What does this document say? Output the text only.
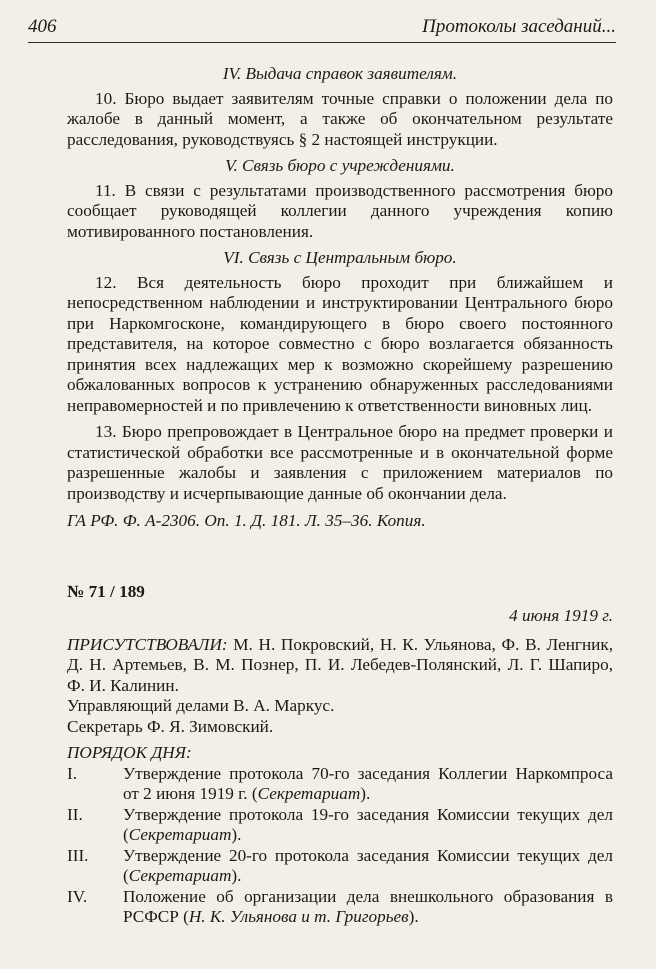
406	Протоколы заседаний...

IV. Выдача справок заявителям.

10. Бюро выдает заявителям точные справки о положении дела по жалобе в данный момент, а также об окончательном результате расследования, руководствуясь § 2 настоящей инструкции.

V. Связь бюро с учреждениями.

11. В связи с результатами производственного рассмотрения бюро сообщает руководящей коллегии данного учреждения копию мотивированного постановления.

VI. Связь с Центральным бюро.

12. Вся деятельность бюро проходит при ближайшем и непосредственном наблюдении и инструктировании Центрального бюро при Наркомгосконе, командирующего в бюро своего постоянного представителя, на которое совместно с бюро возлагается обязанность принятия всех надлежащих мер к возможно скорейшему разрешению обжалованных вопросов к устранению обнаруженных расследованиями неправомерностей и по привлечению к ответственности виновных лиц.

13. Бюро препровождает в Центральное бюро на предмет проверки и статистической обработки все рассмотренные и в окончательной форме разрешенные жалобы и заявления с приложением материалов по производству и исчерпывающие данные об окончании дела.

ГА РФ. Ф. А-2306. Оп. 1. Д. 181. Л. 35–36. Копия.

№ 71 / 189

4 июня 1919 г.

ПРИСУТСТВОВАЛИ: М. Н. Покровский, Н. К. Ульянова, Ф. В. Ленгник, Д. Н. Артемьев, В. М. Познер, П. И. Лебедев-Полянский, Л. Г. Шапиро, Ф. И. Калинин.

Управляющий делами В. А. Маркус.

Секретарь Ф. Я. Зимовский.

ПОРЯДОК ДНЯ:

I.	Утверждение протокола 70-го заседания Коллегии Наркомпроса от 2 июня 1919 г. (Секретариат).
II.	Утверждение протокола 19-го заседания Комиссии текущих дел (Секретариат).
III.	Утверждение 20-го протокола заседания Комиссии текущих дел (Секретариат).
IV.	Положение об организации дела внешкольного образования в РСФСР (Н. К. Ульянова и т. Григорьев).
